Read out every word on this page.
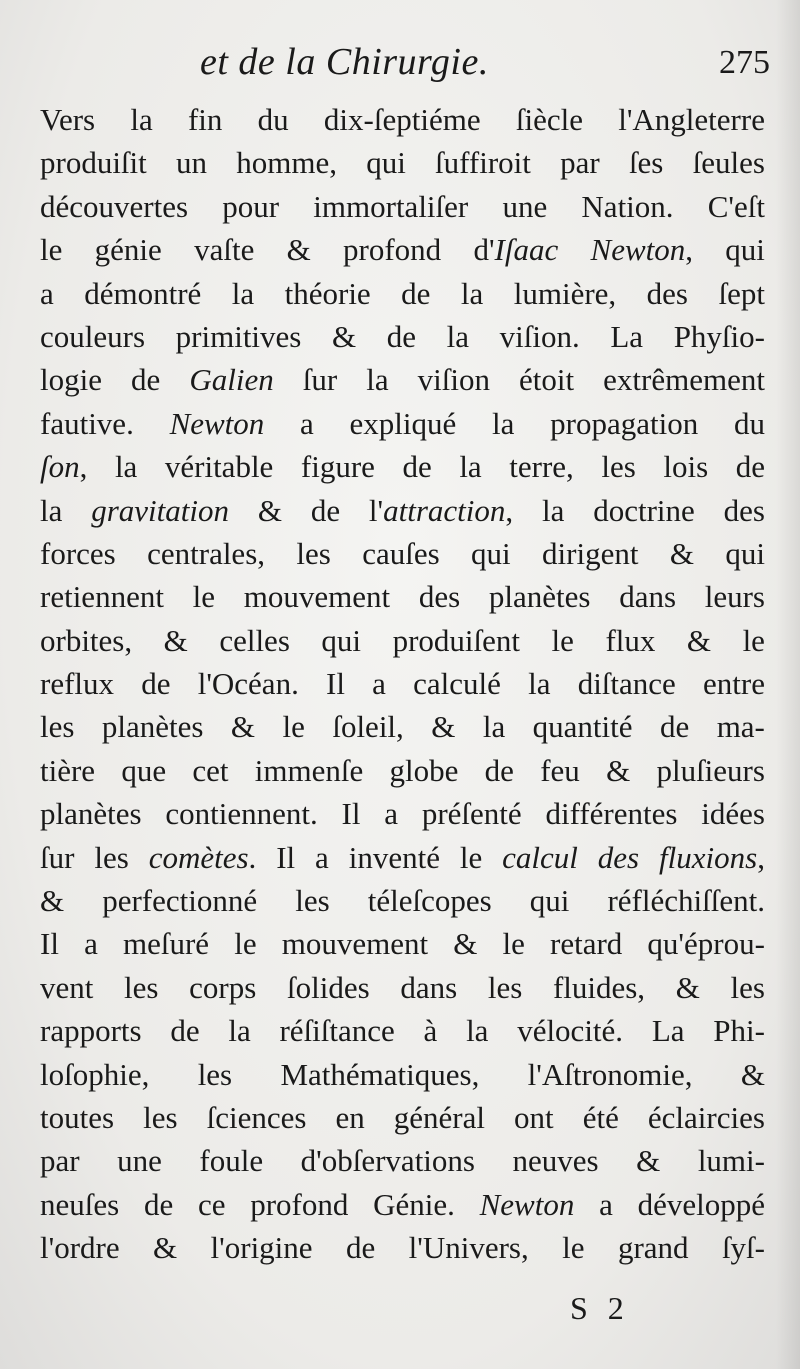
et de la Chirurgie.	275
Vers la fin du dix-ſeptiéme ſiècle l'Angleterre
produiſit un homme, qui ſuffiroit par ſes ſeules
découvertes pour immortaliſer une Nation. C'eſt
le génie vaſte & profond d'Iſaac Newton, qui
a démontré la théorie de la lumière, des ſept
couleurs primitives & de la viſion. La Phyſio-
logie de Galien ſur la viſion étoit extrêmement
fautive. Newton a expliqué la propagation du
ſon, la véritable figure de la terre, les lois de
la gravitation & de l'attraction, la doctrine des
forces centrales, les cauſes qui dirigent & qui
retiennent le mouvement des planètes dans leurs
orbites, & celles qui produiſent le flux & le
reflux de l'Océan. Il a calculé la diſtance entre
les planètes & le ſoleil, & la quantité de ma-
tière que cet immenſe globe de feu & pluſieurs
planètes contiennent. Il a préſenté différentes idées
ſur les comètes. Il a inventé le calcul des fluxions,
& perfectionné les téleſcopes qui réfléchiſſent.
Il a meſuré le mouvement & le retard qu'éprou-
vent les corps ſolides dans les fluides, & les
rapports de la réſiſtance à la vélocité. La Phi-
loſophie, les Mathématiques, l'Aſtronomie, &
toutes les ſciences en général ont été éclaircies
par une foule d'obſervations neuves & lumi-
neuſes de ce profond Génie. Newton a développé
l'ordre & l'origine de l'Univers, le grand ſyſ-
S 2
